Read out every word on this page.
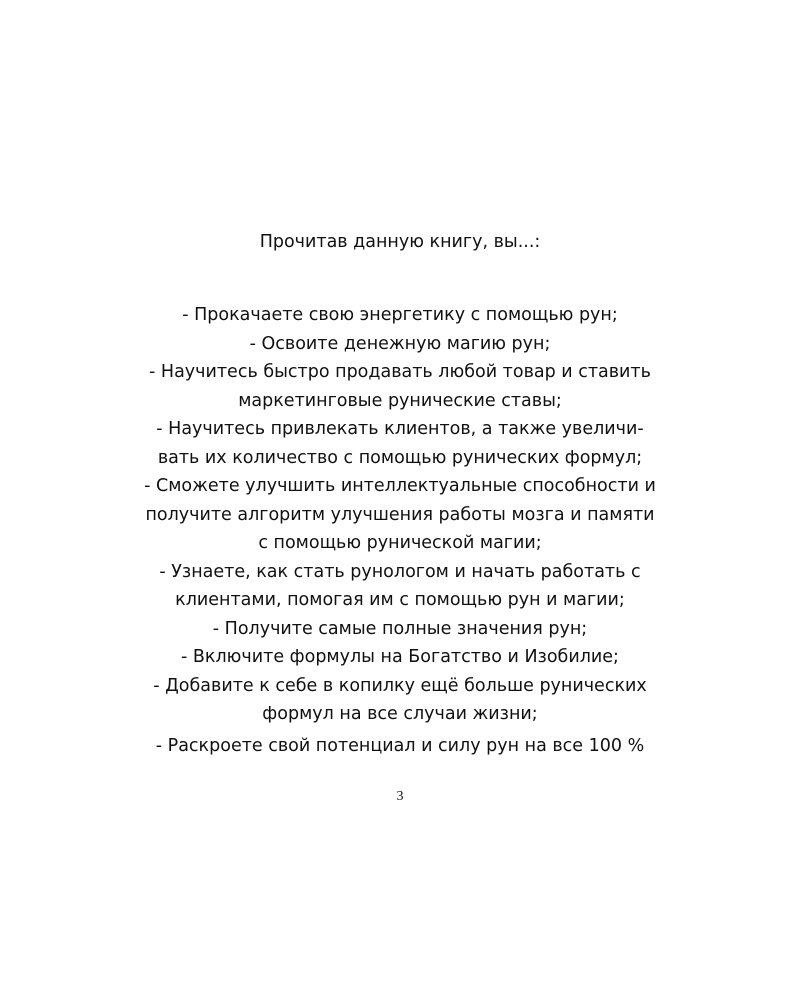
Прочитав данную книгу, вы...:
- Прокачаете свою энергетику с помощью рун;
- Освоите денежную магию рун;
- Научитесь быстро продавать любой товар и ставить
маркетинговые рунические ставы;
- Научитесь привлекать клиентов, а также увеличи-
вать их количество с помощью рунических формул;
- Сможете улучшить интеллектуальные способности и
получите алгоритм улучшения работы мозга и памяти
с помощью рунической магии;
- Узнаете, как стать рунологом и начать работать с
клиентами, помогая им с помощью рун и магии;
- Получите самые полные значения рун;
- Включите формулы на Богатство и Изобилие;
- Добавите к себе в копилку ещё больше рунических
формул на все случаи жизни;
- Раскроете свой потенциал и силу рун на все 100 %
3
